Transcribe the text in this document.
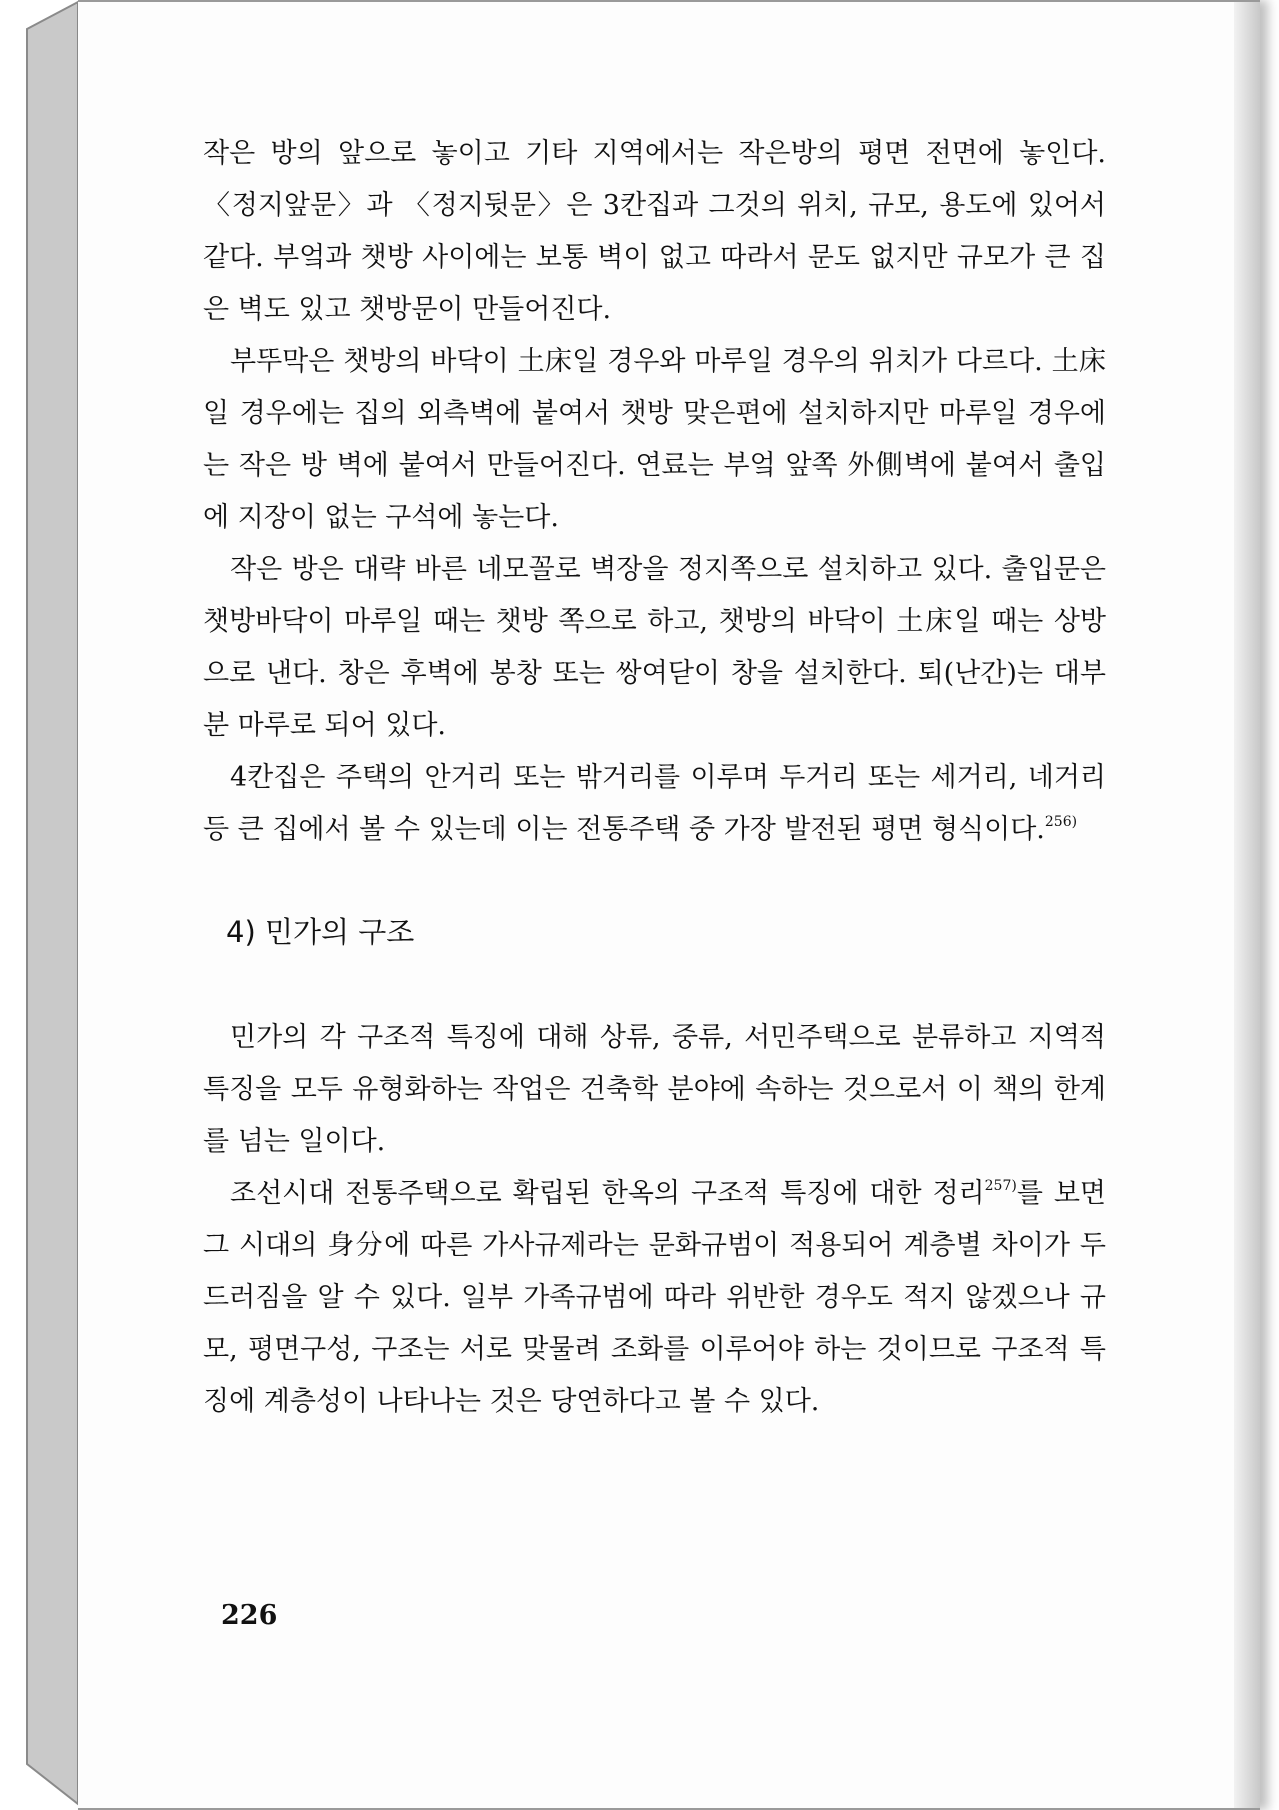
작은 방의 앞으로 놓이고 기타 지역에서는 작은방의 평면 전면에 놓인다. 〈정지앞문〉과 〈정지뒷문〉은 3칸집과 그것의 위치, 규모, 용도에 있어서 같다. 부엌과 챗방 사이에는 보통 벽이 없고 따라서 문도 없지만 규모가 큰 집은 벽도 있고 챗방문이 만들어진다.

부뚜막은 챗방의 바닥이 土床일 경우와 마루일 경우의 위치가 다르다. 土床일 경우에는 집의 외측벽에 붙여서 챗방 맞은편에 설치하지만 마루일 경우에는 작은 방 벽에 붙여서 만들어진다. 연료는 부엌 앞쪽 外側벽에 붙여서 출입에 지장이 없는 구석에 놓는다.

작은 방은 대략 바른 네모꼴로 벽장을 정지쪽으로 설치하고 있다. 출입문은 챗방바닥이 마루일 때는 챗방 쪽으로 하고, 챗방의 바닥이 土床일 때는 상방으로 낸다. 창은 후벽에 봉창 또는 쌍여닫이 창을 설치한다. 퇴(난간)는 대부분 마루로 되어 있다.

4칸집은 주택의 안거리 또는 밖거리를 이루며 두거리 또는 세거리, 네거리 등 큰 집에서 볼 수 있는데 이는 전통주택 중 가장 발전된 평면 형식이다.$^{256)}$

4) 민가의 구조

민가의 각 구조적 특징에 대해 상류, 중류, 서민주택으로 분류하고 지역적 특징을 모두 유형화하는 작업은 건축학 분야에 속하는 것으로서 이 책의 한계를 넘는 일이다.

조선시대 전통주택으로 확립된 한옥의 구조적 특징에 대한 정리$^{257)}$를 보면 그 시대의 身分에 따른 가사규제라는 문화규범이 적용되어 계층별 차이가 두드러짐을 알 수 있다. 일부 가족규범에 따라 위반한 경우도 적지 않겠으나 규모, 평면구성, 구조는 서로 맞물려 조화를 이루어야 하는 것이므로 구조적 특징에 계층성이 나타나는 것은 당연하다고 볼 수 있다.

226
